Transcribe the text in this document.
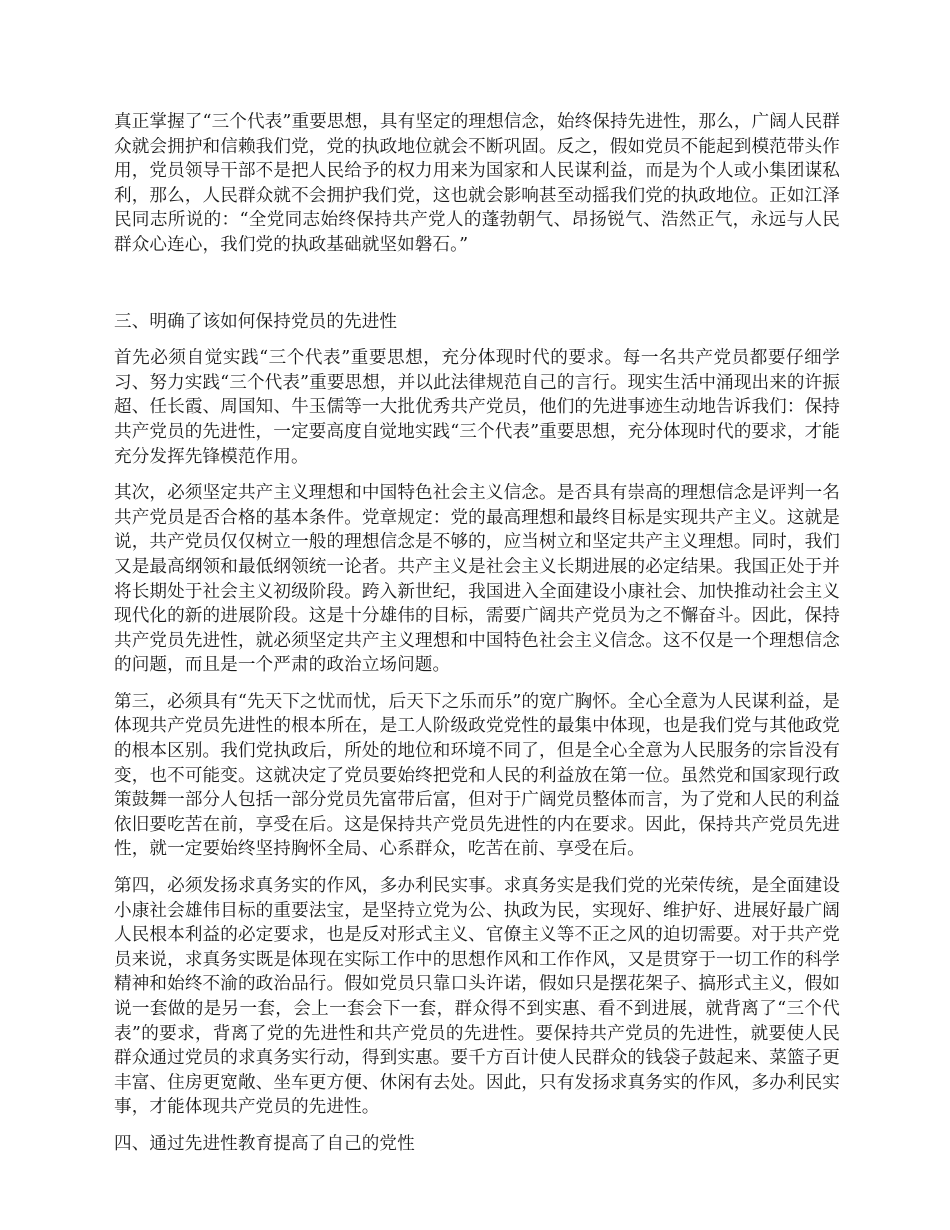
真正掌握了“三个代表”重要思想，具有坚定的理想信念，始终保持先进性，那么，广阔人民群众就会拥护和信赖我们党，党的执政地位就会不断巩固。反之，假如党员不能起到模范带头作用，党员领导干部不是把人民给予的权力用来为国家和人民谋利益，而是为个人或小集团谋私利，那么，人民群众就不会拥护我们党，这也就会影响甚至动摇我们党的执政地位。正如江泽民同志所说的：“全党同志始终保持共产党人的蓬勃朝气、昂扬锐气、浩然正气，永远与人民群众心连心，我们党的执政基础就坚如磐石。”

三、明确了该如何保持党员的先进性

首先必须自觉实践“三个代表”重要思想，充分体现时代的要求。每一名共产党员都要仔细学习、努力实践“三个代表”重要思想，并以此法律规范自己的言行。现实生活中涌现出来的许振超、任长霞、周国知、牛玉儒等一大批优秀共产党员，他们的先进事迹生动地告诉我们：保持共产党员的先进性，一定要高度自觉地实践“三个代表”重要思想，充分体现时代的要求，才能充分发挥先锋模范作用。

其次，必须坚定共产主义理想和中国特色社会主义信念。是否具有崇高的理想信念是评判一名共产党员是否合格的基本条件。党章规定：党的最高理想和最终目标是实现共产主义。这就是说，共产党员仅仅树立一般的理想信念是不够的，应当树立和坚定共产主义理想。同时，我们又是最高纲领和最低纲领统一论者。共产主义是社会主义长期进展的必定结果。我国正处于并将长期处于社会主义初级阶段。跨入新世纪，我国进入全面建设小康社会、加快推动社会主义现代化的新的进展阶段。这是十分雄伟的目标，需要广阔共产党员为之不懈奋斗。因此，保持共产党员先进性，就必须坚定共产主义理想和中国特色社会主义信念。这不仅是一个理想信念的问题，而且是一个严肃的政治立场问题。

第三，必须具有“先天下之忧而忧，后天下之乐而乐”的宽广胸怀。全心全意为人民谋利益，是体现共产党员先进性的根本所在，是工人阶级政党党性的最集中体现，也是我们党与其他政党的根本区别。我们党执政后，所处的地位和环境不同了，但是全心全意为人民服务的宗旨没有变，也不可能变。这就决定了党员要始终把党和人民的利益放在第一位。虽然党和国家现行政策鼓舞一部分人包括一部分党员先富带后富，但对于广阔党员整体而言，为了党和人民的利益依旧要吃苦在前，享受在后。这是保持共产党员先进性的内在要求。因此，保持共产党员先进性，就一定要始终坚持胸怀全局、心系群众，吃苦在前、享受在后。

第四，必须发扬求真务实的作风，多办利民实事。求真务实是我们党的光荣传统，是全面建设小康社会雄伟目标的重要法宝，是坚持立党为公、执政为民，实现好、维护好、进展好最广阔人民根本利益的必定要求，也是反对形式主义、官僚主义等不正之风的迫切需要。对于共产党员来说，求真务实既是体现在实际工作中的思想作风和工作作风，又是贯穿于一切工作的科学精神和始终不渝的政治品行。假如党员只靠口头许诺，假如只是摆花架子、搞形式主义，假如说一套做的是另一套，会上一套会下一套，群众得不到实惠、看不到进展，就背离了“三个代表”的要求，背离了党的先进性和共产党员的先进性。要保持共产党员的先进性，就要使人民群众通过党员的求真务实行动，得到实惠。要千方百计使人民群众的钱袋子鼓起来、菜篮子更丰富、住房更宽敞、坐车更方便、休闲有去处。因此，只有发扬求真务实的作风，多办利民实事，才能体现共产党员的先进性。

四、通过先进性教育提高了自己的党性
